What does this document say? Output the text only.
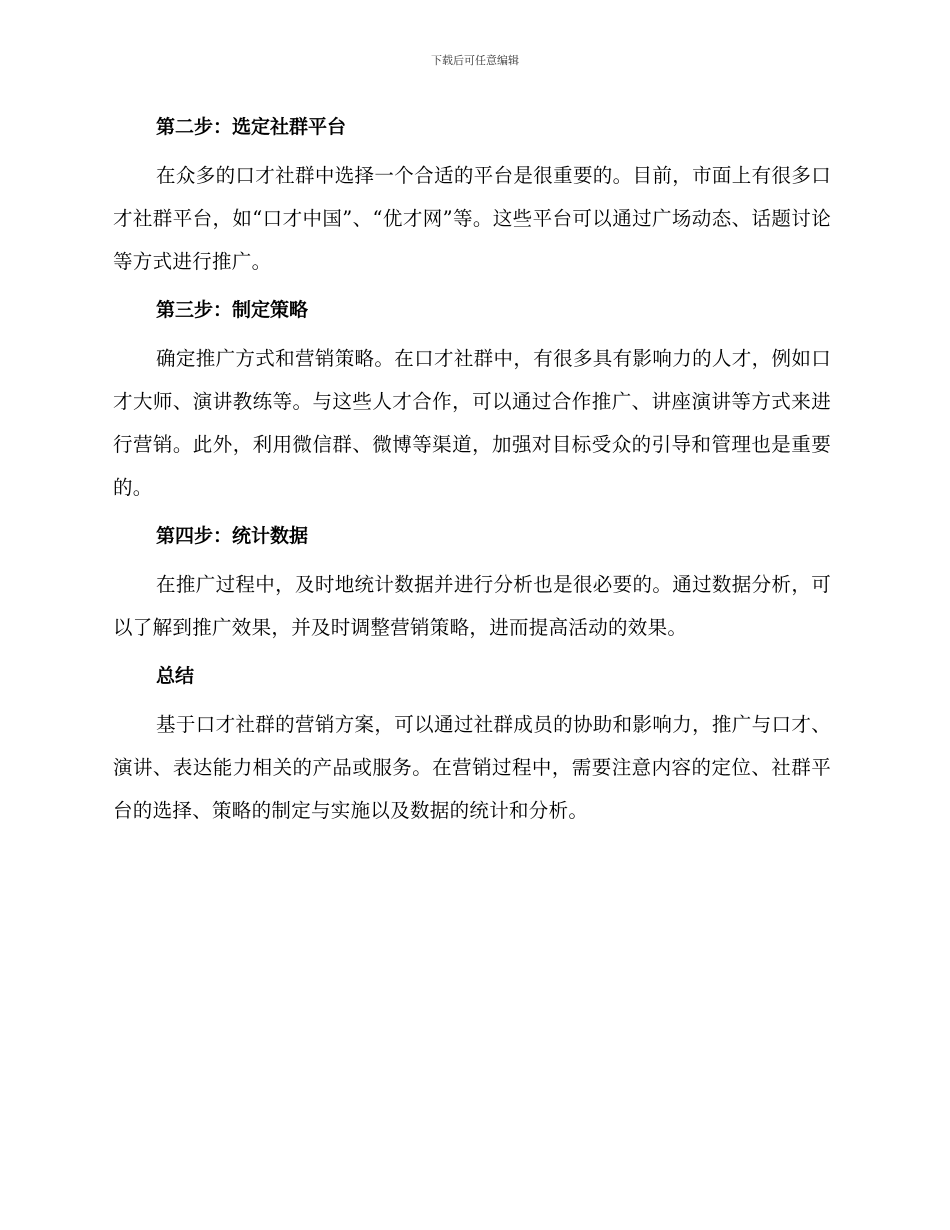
下载后可任意编辑
第二步：选定社群平台

在众多的口才社群中选择一个合适的平台是很重要的。目前，市面上有很多口才社群平台，如“口才中国”、“优才网”等。这些平台可以通过广场动态、话题讨论等方式进行推广。

第三步：制定策略

确定推广方式和营销策略。在口才社群中，有很多具有影响力的人才，例如口才大师、演讲教练等。与这些人才合作，可以通过合作推广、讲座演讲等方式来进行营销。此外，利用微信群、微博等渠道，加强对目标受众的引导和管理也是重要的。

第四步：统计数据

在推广过程中，及时地统计数据并进行分析也是很必要的。通过数据分析，可以了解到推广效果，并及时调整营销策略，进而提高活动的效果。

总结

基于口才社群的营销方案，可以通过社群成员的协助和影响力，推广与口才、演讲、表达能力相关的产品或服务。在营销过程中，需要注意内容的定位、社群平台的选择、策略的制定与实施以及数据的统计和分析。
